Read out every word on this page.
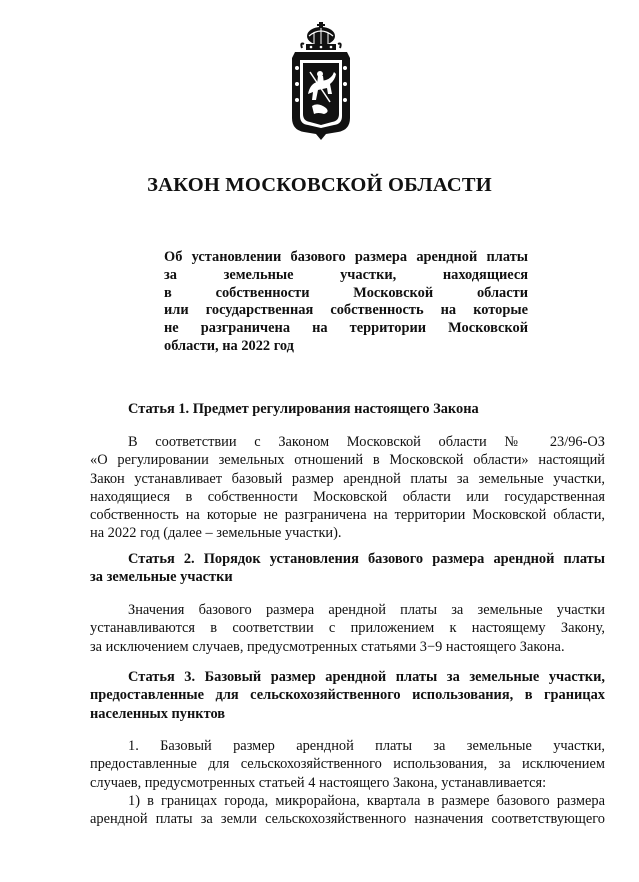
ЗАКОН МОСКОВСКОЙ ОБЛАСТИ
Об установлении базового размера арендной платы
за земельные участки, находящиеся
в собственности Московской области
или государственная собственность на которые
не разграничена на территории Московской
области, на 2022 год
Статья 1. Предмет регулирования настоящего Закона
В соответствии с Законом Московской области № 23/96-ОЗ
«О регулировании земельных отношений в Московской области» настоящий
Закон устанавливает базовый размер арендной платы за земельные участки,
находящиеся в собственности Московской области или государственная
собственность на которые не разграничена на территории Московской области,
на 2022 год (далее – земельные участки).
Статья 2. Порядок установления базового размера арендной платы
за земельные участки
Значения базового размера арендной платы за земельные участки
устанавливаются в соответствии с приложением к настоящему Закону,
за исключением случаев, предусмотренных статьями 3−9 настоящего Закона.
Статья 3. Базовый размер арендной платы за земельные участки,
предоставленные для сельскохозяйственного использования, в границах
населенных пунктов
1. Базовый размер арендной платы за земельные участки,
предоставленные для сельскохозяйственного использования, за исключением
случаев, предусмотренных статьей 4 настоящего Закона, устанавливается:
1) в границах города, микрорайона, квартала в размере базового размера
арендной платы за земли сельскохозяйственного назначения соответствующего
